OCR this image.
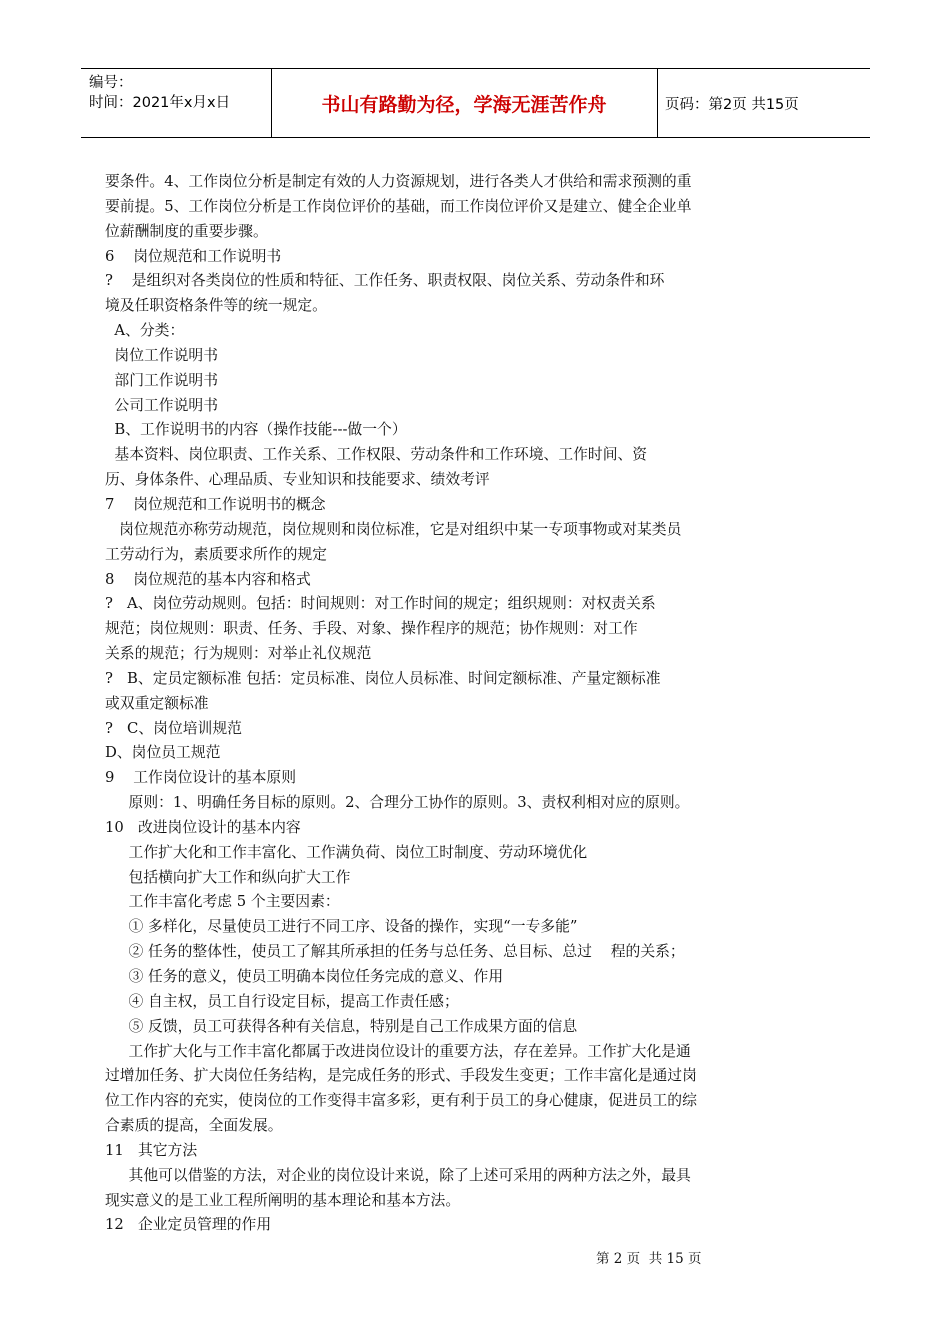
编号：
时间：2021年x月x日	书山有路勤为径，学海无涯苦作舟	页码：第2页 共15页
要条件。4、工作岗位分析是制定有效的人力资源规划，进行各类人才供给和需求预测的重
要前提。5、工作岗位分析是工作岗位评价的基础，而工作岗位评价又是建立、健全企业单
位薪酬制度的重要步骤。
6    岗位规范和工作说明书
?    是组织对各类岗位的性质和特征、工作任务、职责权限、岗位关系、劳动条件和环
境及任职资格条件等的统一规定。
A、分类：
岗位工作说明书
部门工作说明书
公司工作说明书
B、工作说明书的内容（操作技能---做一个）
基本资料、岗位职责、工作关系、工作权限、劳动条件和工作环境、工作时间、资
历、身体条件、心理品质、专业知识和技能要求、绩效考评
7    岗位规范和工作说明书的概念
岗位规范亦称劳动规范，岗位规则和岗位标准，它是对组织中某一专项事物或对某类员
工劳动行为，素质要求所作的规定
8    岗位规范的基本内容和格式
?   A、岗位劳动规则。包括：时间规则：对工作时间的规定；组织规则：对权责关系
规范；岗位规则：职责、任务、手段、对象、操作程序的规范；协作规则：对工作
关系的规范；行为规则：对举止礼仪规范
?   B、定员定额标准 包括：定员标准、岗位人员标准、时间定额标准、产量定额标准
或双重定额标准
?   C、岗位培训规范
D、岗位员工规范
9    工作岗位设计的基本原则
原则：1、明确任务目标的原则。2、合理分工协作的原则。3、责权利相对应的原则。
10   改进岗位设计的基本内容
工作扩大化和工作丰富化、工作满负荷、岗位工时制度、劳动环境优化
包括横向扩大工作和纵向扩大工作
工作丰富化考虑 5 个主要因素：
① 多样化，尽量使员工进行不同工序、设备的操作，实现“一专多能”
② 任务的整体性，使员工了解其所承担的任务与总任务、总目标、总过    程的关系；
③ 任务的意义，使员工明确本岗位任务完成的意义、作用
④ 自主权，员工自行设定目标，提高工作责任感；
⑤ 反馈，员工可获得各种有关信息，特别是自己工作成果方面的信息
工作扩大化与工作丰富化都属于改进岗位设计的重要方法，存在差异。工作扩大化是通
过增加任务、扩大岗位任务结构，是完成任务的形式、手段发生变更；工作丰富化是通过岗
位工作内容的充实，使岗位的工作变得丰富多彩，更有利于员工的身心健康，促进员工的综
合素质的提高，全面发展。
11   其它方法
其他可以借鉴的方法，对企业的岗位设计来说，除了上述可采用的两种方法之外，最具
现实意义的是工业工程所阐明的基本理论和基本方法。
12   企业定员管理的作用
第 2 页  共 15 页
